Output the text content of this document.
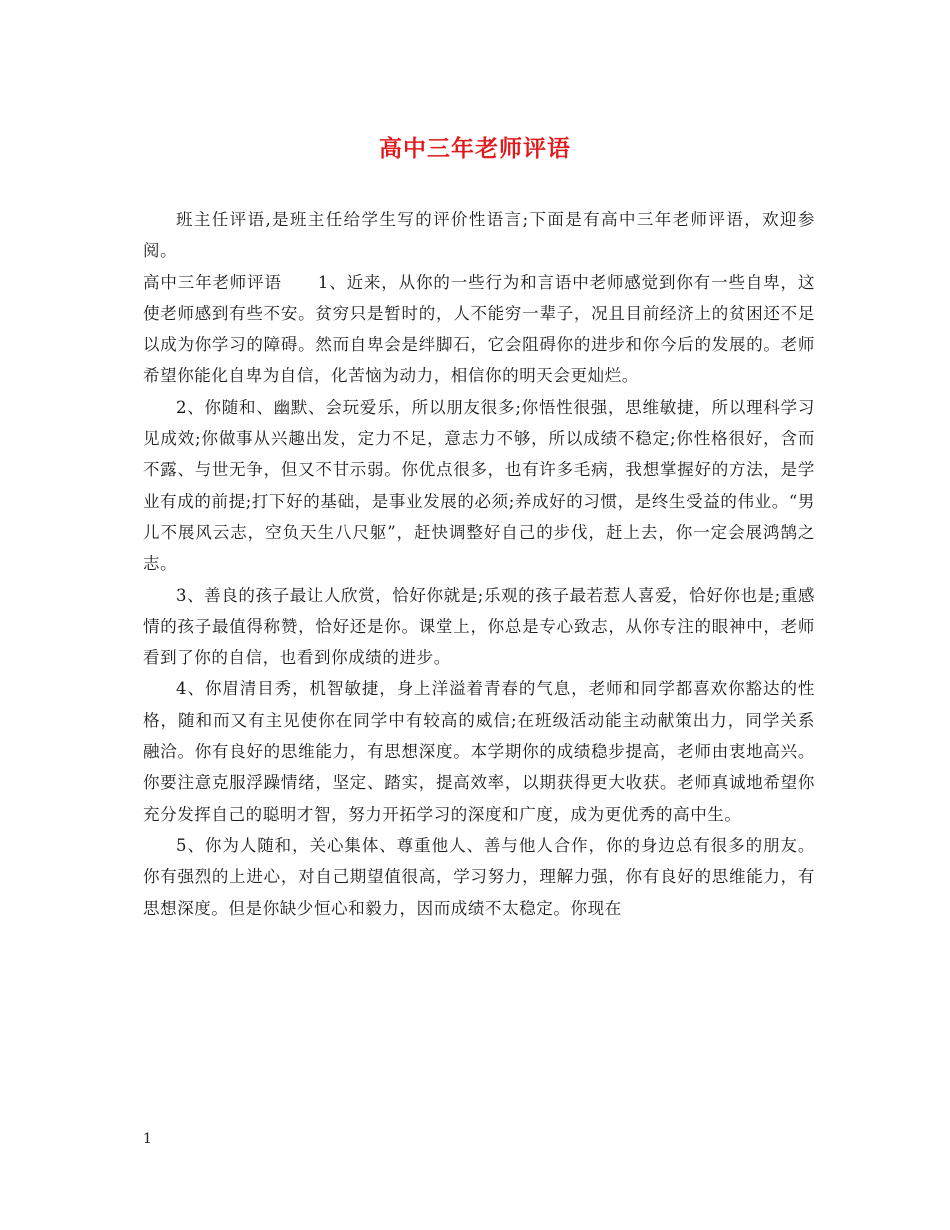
高中三年老师评语

班主任评语,是班主任给学生写的评价性语言;下面是有高中三年老师评语，欢迎参阅。

高中三年老师评语 1、近来，从你的一些行为和言语中老师感觉到你有一些自卑，这使老师感到有些不安。贫穷只是暂时的，人不能穷一辈子，况且目前经济上的贫困还不足以成为你学习的障碍。然而自卑会是绊脚石，它会阻碍你的进步和你今后的发展的。老师希望你能化自卑为自信，化苦恼为动力，相信你的明天会更灿烂。

2、你随和、幽默、会玩爱乐，所以朋友很多;你悟性很强，思维敏捷，所以理科学习见成效;你做事从兴趣出发，定力不足，意志力不够，所以成绩不稳定;你性格很好，含而不露、与世无争，但又不甘示弱。你优点很多，也有许多毛病，我想掌握好的方法，是学业有成的前提;打下好的基础，是事业发展的必须;养成好的习惯，是终生受益的伟业。“男儿不展风云志，空负天生八尺躯”，赶快调整好自己的步伐，赶上去，你一定会展鸿鹄之志。

3、善良的孩子最让人欣赏，恰好你就是;乐观的孩子最若惹人喜爱，恰好你也是;重感情的孩子最值得称赞，恰好还是你。课堂上，你总是专心致志，从你专注的眼神中，老师看到了你的自信，也看到你成绩的进步。

4、你眉清目秀，机智敏捷，身上洋溢着青春的气息，老师和同学都喜欢你豁达的性格，随和而又有主见使你在同学中有较高的威信;在班级活动能主动献策出力，同学关系融洽。你有良好的思维能力，有思想深度。本学期你的成绩稳步提高，老师由衷地高兴。你要注意克服浮躁情绪，坚定、踏实，提高效率，以期获得更大收获。老师真诚地希望你充分发挥自己的聪明才智，努力开拓学习的深度和广度，成为更优秀的高中生。

5、你为人随和，关心集体、尊重他人、善与他人合作，你的身边总有很多的朋友。你有强烈的上进心，对自己期望值很高，学习努力，理解力强，你有良好的思维能力，有思想深度。但是你缺少恒心和毅力，因而成绩不太稳定。你现在

1
